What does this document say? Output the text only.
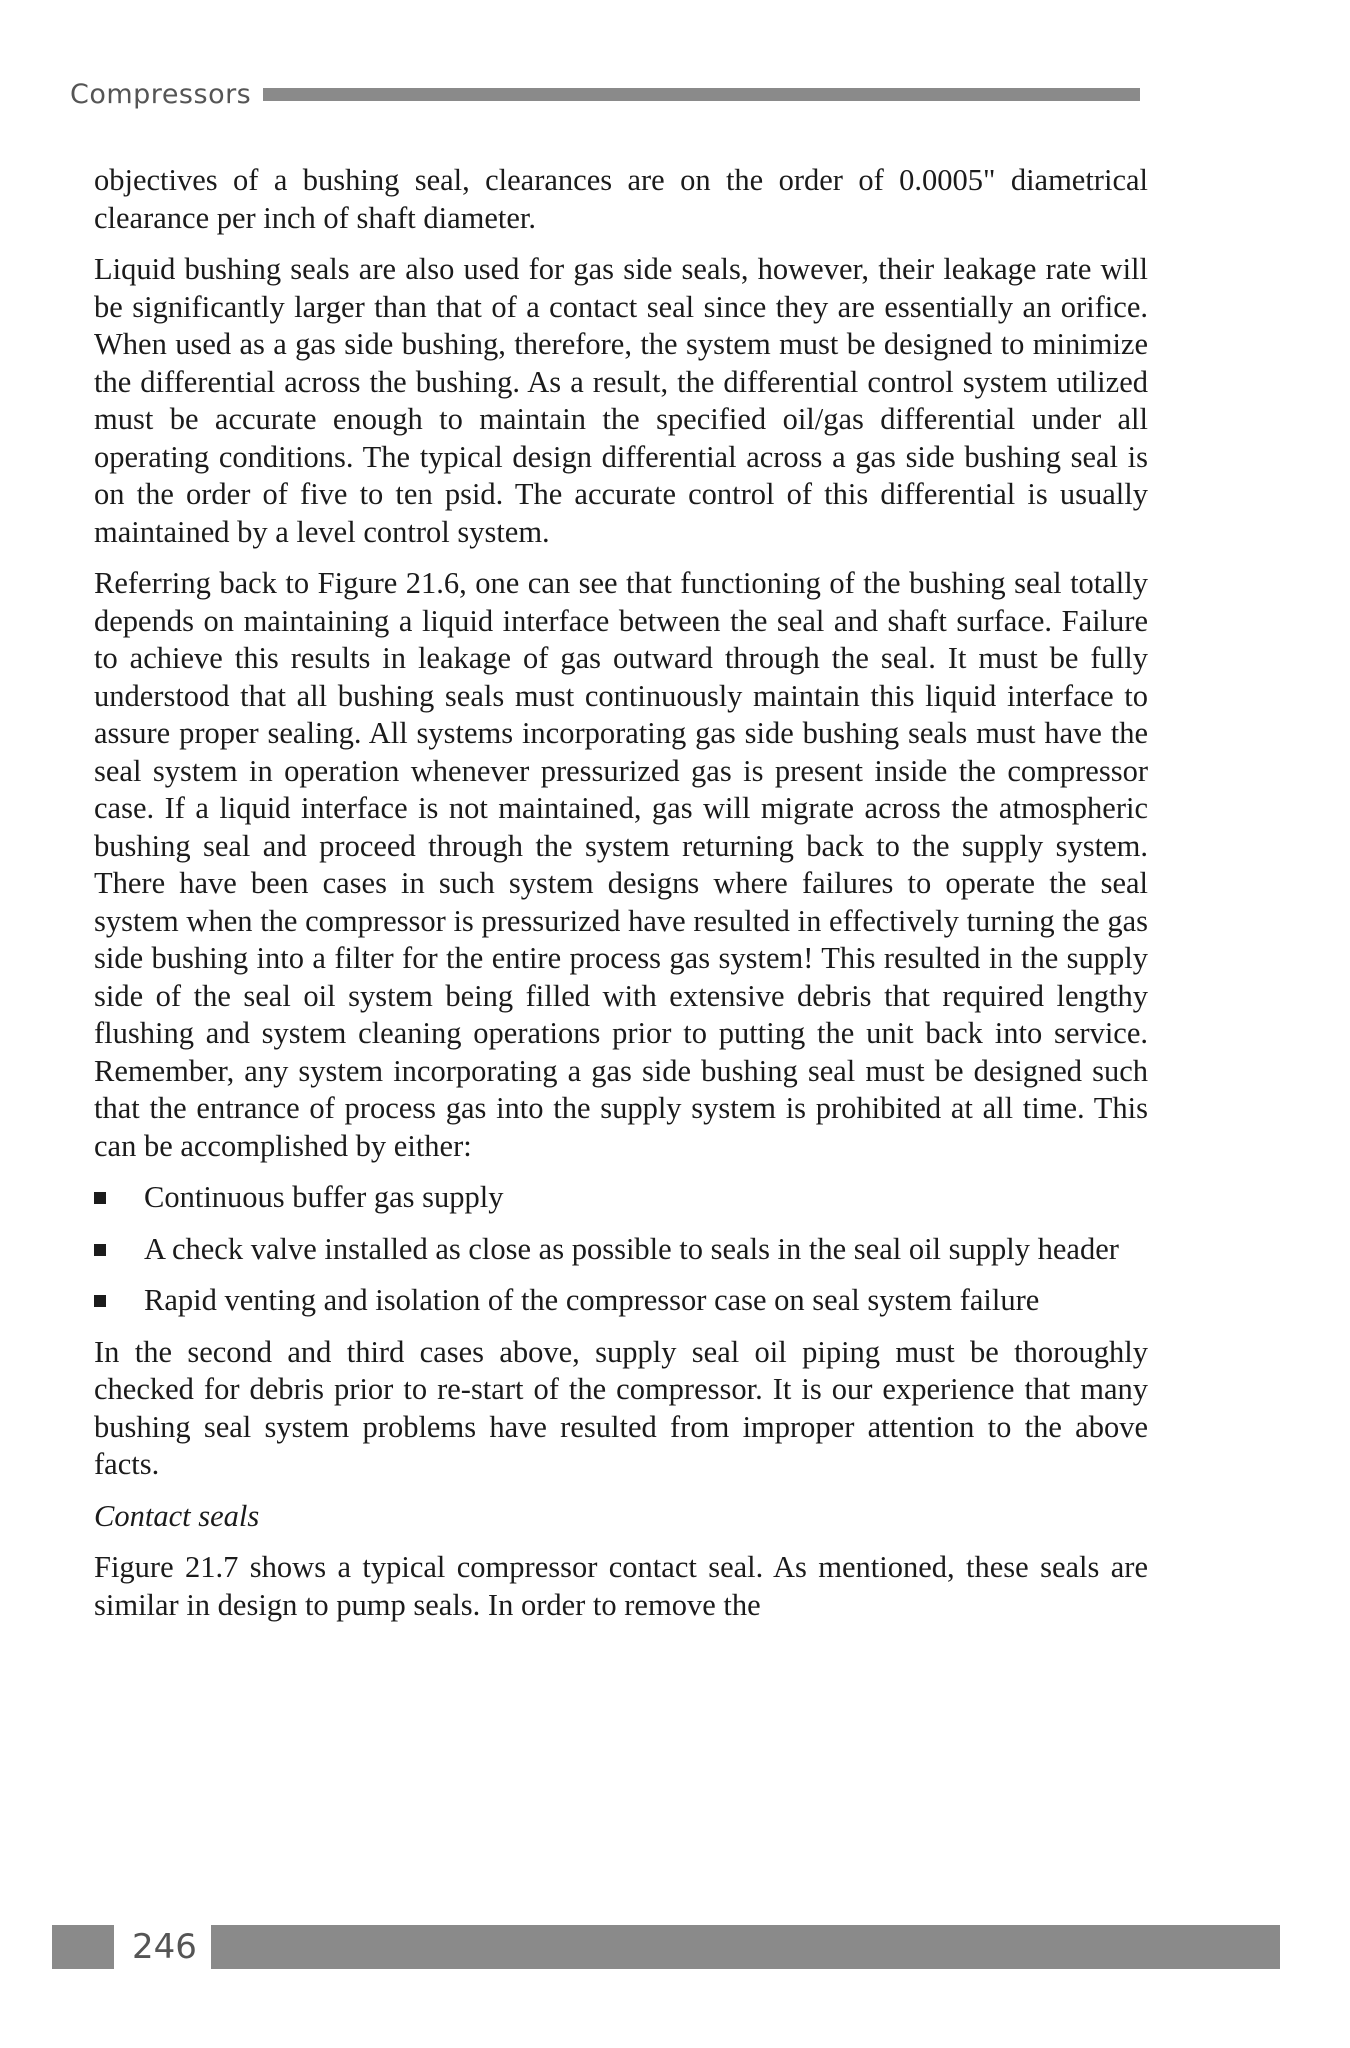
Compressors

objectives of a bushing seal, clearances are on the order of 0.0005" diametrical clearance per inch of shaft diameter.

Liquid bushing seals are also used for gas side seals, however, their leakage rate will be significantly larger than that of a contact seal since they are essentially an orifice. When used as a gas side bushing, therefore, the system must be designed to minimize the differential across the bushing. As a result, the differential control system utilized must be accurate enough to maintain the specified oil/gas differential under all operating conditions. The typical design differential across a gas side bushing seal is on the order of five to ten psid. The accurate control of this differential is usually maintained by a level control system.

Referring back to Figure 21.6, one can see that functioning of the bushing seal totally depends on maintaining a liquid interface between the seal and shaft surface. Failure to achieve this results in leakage of gas outward through the seal. It must be fully understood that all bushing seals must continuously maintain this liquid interface to assure proper sealing. All systems incorporating gas side bushing seals must have the seal system in operation whenever pressurized gas is present inside the compressor case. If a liquid interface is not maintained, gas will migrate across the atmospheric bushing seal and proceed through the system returning back to the supply system. There have been cases in such system designs where failures to operate the seal system when the compressor is pressurized have resulted in effectively turning the gas side bushing into a filter for the entire process gas system! This resulted in the supply side of the seal oil system being filled with extensive debris that required lengthy flushing and system cleaning operations prior to putting the unit back into service. Remember, any system incorporating a gas side bushing seal must be designed such that the entrance of process gas into the supply system is prohibited at all time. This can be accomplished by either:

Continuous buffer gas supply
A check valve installed as close as possible to seals in the seal oil supply header
Rapid venting and isolation of the compressor case on seal system failure

In the second and third cases above, supply seal oil piping must be thoroughly checked for debris prior to re-start of the compressor. It is our experience that many bushing seal system problems have resulted from improper attention to the above facts.

Contact seals

Figure 21.7 shows a typical compressor contact seal. As mentioned, these seals are similar in design to pump seals. In order to remove the

246
